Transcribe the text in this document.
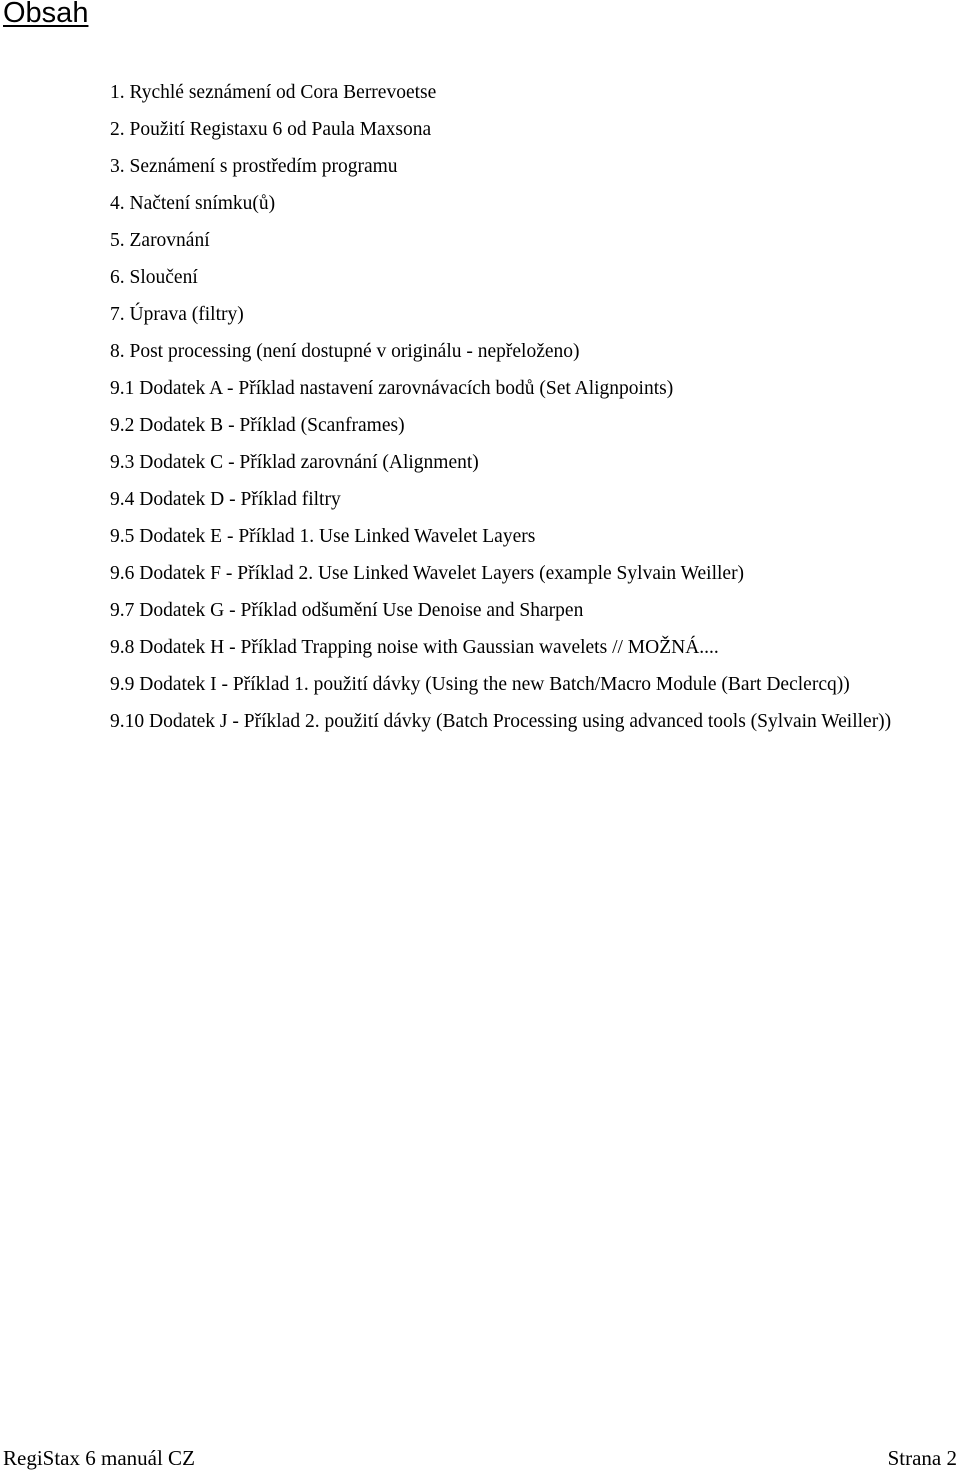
Obsah
1. Rychlé seznámení od Cora Berrevoetse
2. Použití Registaxu 6 od Paula Maxsona
3. Seznámení s prostředím programu
4. Načtení snímku(ů)
5. Zarovnání
6. Sloučení
7. Úprava (filtry)
8. Post processing (není dostupné v originálu - nepřeloženo)
9.1 Dodatek A - Příklad nastavení zarovnávacích bodů (Set Alignpoints)
9.2 Dodatek B - Příklad (Scanframes)
9.3 Dodatek C - Příklad zarovnání (Alignment)
9.4 Dodatek D - Příklad filtry
9.5 Dodatek E - Příklad 1. Use Linked Wavelet Layers
9.6 Dodatek F - Příklad 2. Use Linked Wavelet Layers (example Sylvain Weiller)
9.7 Dodatek G - Příklad odšumění Use Denoise and Sharpen
9.8 Dodatek H - Příklad Trapping noise with Gaussian wavelets // MOŽNÁ....
9.9 Dodatek I - Příklad 1. použití dávky (Using the new Batch/Macro Module (Bart Declercq))
9.10 Dodatek J - Příklad 2. použití dávky (Batch Processing using advanced tools (Sylvain Weiller))
RegiStax 6 manuál CZ	Strana 2
